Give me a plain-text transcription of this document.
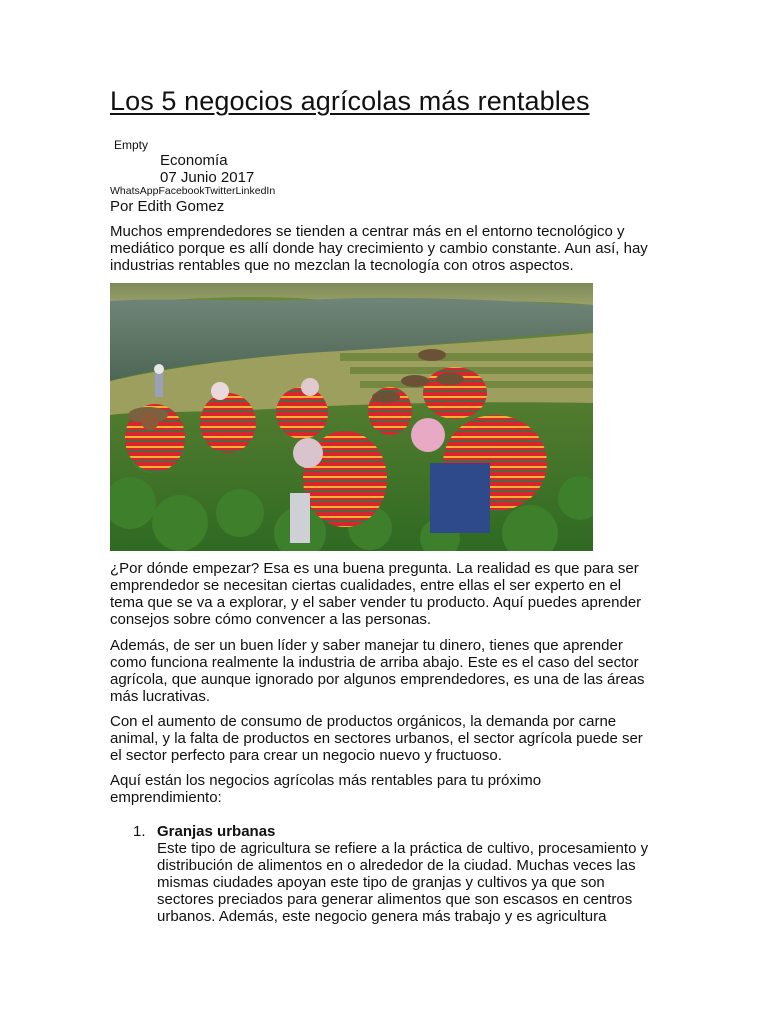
Los 5 negocios agrícolas más rentables
Empty
Economía
07 Junio 2017
WhatsAppFacebookTwitterLinkedIn
Por Edith Gomez

Muchos emprendedores se tienden a centrar más en el entorno tecnológico y mediático porque es allí donde hay crecimiento y cambio constante. Aun así, hay industrias rentables que no mezclan la tecnología con otros aspectos.

¿Por dónde empezar? Esa es una buena pregunta. La realidad es que para ser emprendedor se necesitan ciertas cualidades, entre ellas el ser experto en el tema que se va a explorar, y el saber vender tu producto. Aquí puedes aprender consejos sobre cómo convencer a las personas.

Además, de ser un buen líder y saber manejar tu dinero, tienes que aprender como funciona realmente la industria de arriba abajo. Este es el caso del sector agrícola, que aunque ignorado por algunos emprendedores, es una de las áreas más lucrativas.

Con el aumento de consumo de productos orgánicos, la demanda por carne animal, y la falta de productos en sectores urbanos, el sector agrícola puede ser el sector perfecto para crear un negocio nuevo y fructuoso.

Aquí están los negocios agrícolas más rentables para tu próximo emprendimiento:

1. Granjas urbanas
Este tipo de agricultura se refiere a la práctica de cultivo, procesamiento y distribución de alimentos en o alrededor de la ciudad. Muchas veces las mismas ciudades apoyan este tipo de granjas y cultivos ya que son sectores preciados para generar alimentos que son escasos en centros urbanos. Además, este negocio genera más trabajo y es agricultura
